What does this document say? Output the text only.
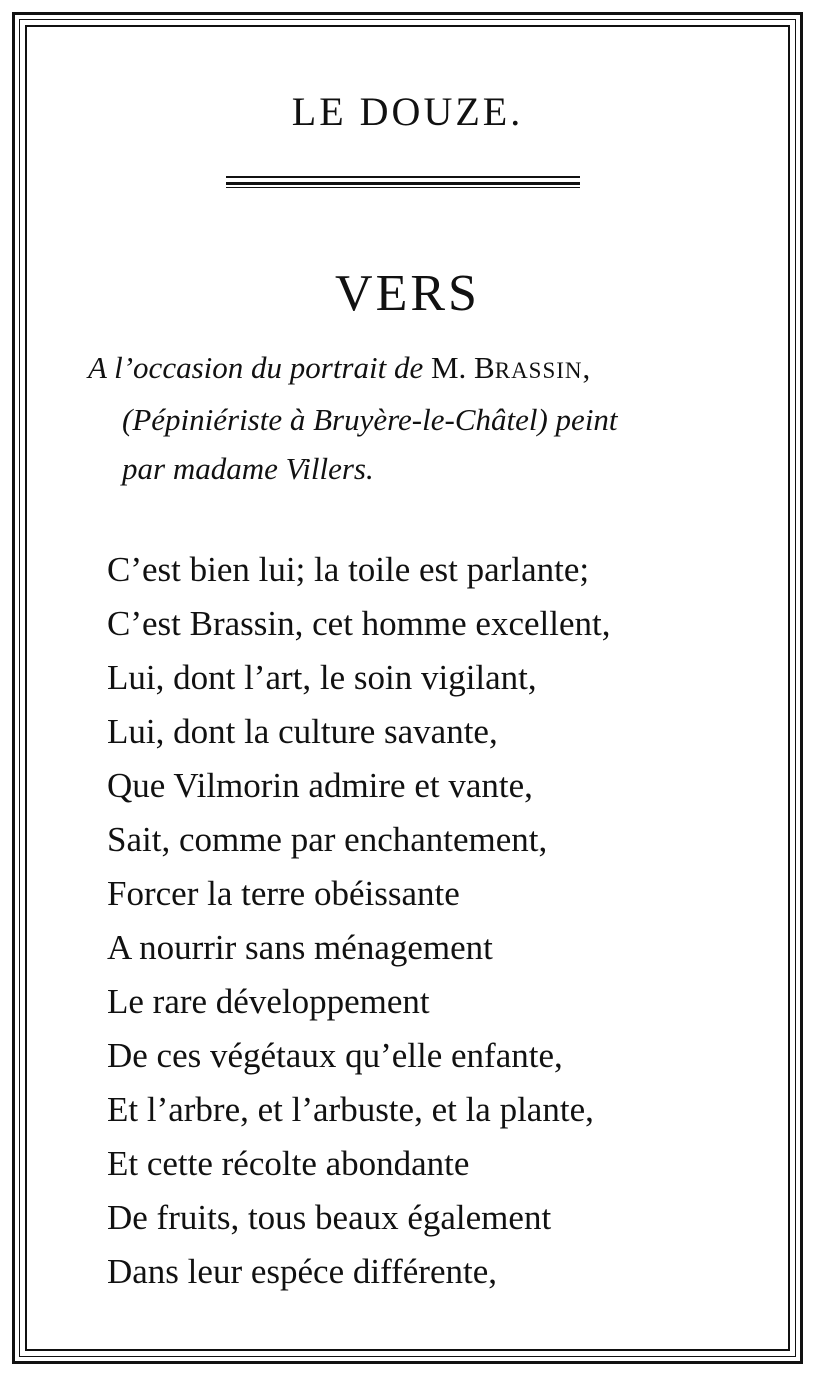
LE DOUZE.
VERS
A l’occasion du portrait de M. BRASSIN,
(Pépiniériste à Bruyère-le-Châtel) peint
par madame Villers.
C’est bien lui; la toile est parlante;
C’est Brassin, cet homme excellent,
Lui, dont l’art, le soin vigilant,
Lui, dont la culture savante,
Que Vilmorin admire et vante,
Sait, comme par enchantement,
Forcer la terre obéissante
A nourrir sans ménagement
Le rare développement
De ces végétaux qu’elle enfante,
Et l’arbre, et l’arbuste, et la plante,
Et cette récolte abondante
De fruits, tous beaux également
Dans leur espéce différente,
